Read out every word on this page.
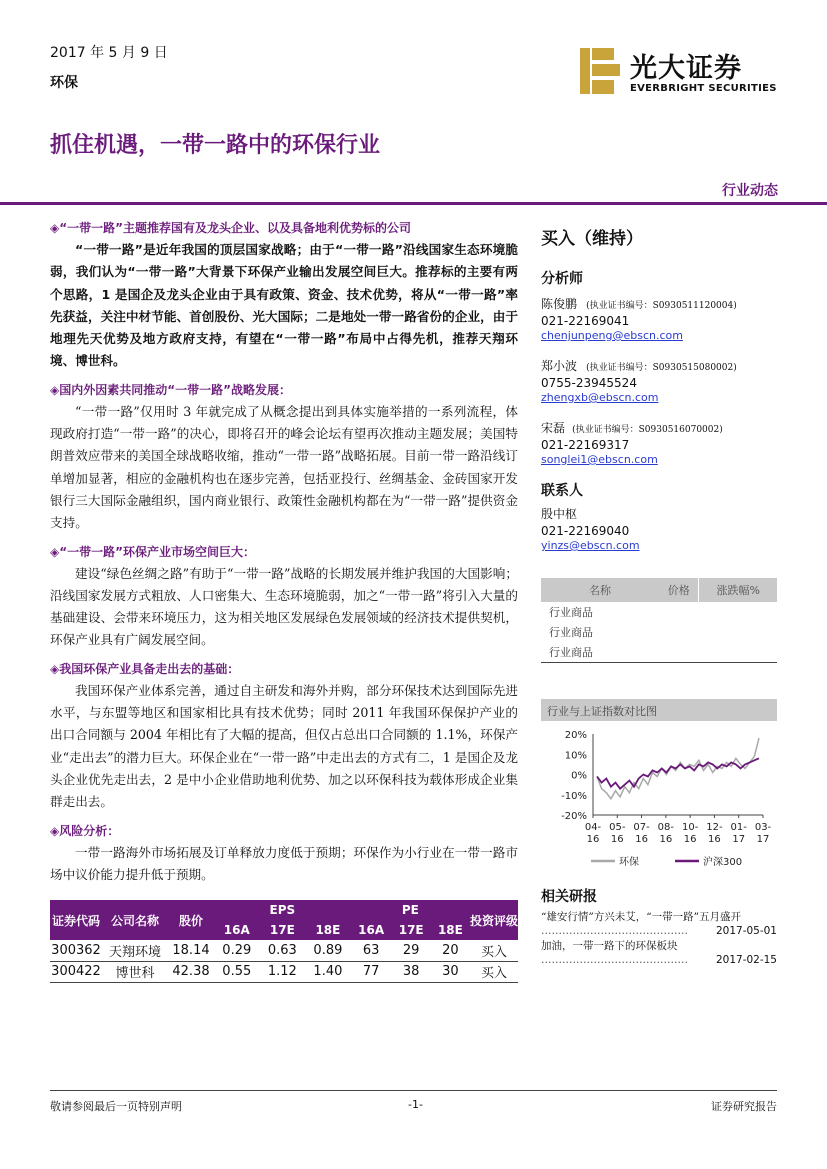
2017 年 5 月 9 日
环保	光大证券
EVERBRIGHT SECURITIES
抓住机遇，一带一路中的环保行业
行业动态
◈“一带一路”主题推荐国有及龙头企业、以及具备地利优势标的公司
“一带一路”是近年我国的顶层国家战略；由于“一带一路”沿线国家生态环境脆弱，我们认为“一带一路”大背景下环保产业输出发展空间巨大。推荐标的主要有两个思路，1 是国企及龙头企业由于具有政策、资金、技术优势，将从“一带一路”率先获益，关注中材节能、首创股份、光大国际；二是地处一带一路省份的企业，由于地理先天优势及地方政府支持，有望在“一带一路”布局中占得先机，推荐天翔环境、博世科。
◈国内外因素共同推动“一带一路”战略发展：
“一带一路”仅用时 3 年就完成了从概念提出到具体实施举措的一系列流程，体现政府打造“一带一路”的决心，即将召开的峰会论坛有望再次推动主题发展；美国特朗普效应带来的美国全球战略收缩，推动“一带一路”战略拓展。目前一带一路沿线订单增加显著，相应的金融机构也在逐步完善，包括亚投行、丝绸基金、金砖国家开发银行三大国际金融组织，国内商业银行、政策性金融机构都在为“一带一路”提供资金支持。
◈“一带一路”环保产业市场空间巨大：
建设“绿色丝绸之路”有助于“一带一路”战略的长期发展并维护我国的大国影响；沿线国家发展方式粗放、人口密集大、生态环境脆弱，加之“一带一路”将引入大量的基础建设、会带来环境压力，这为相关地区发展绿色发展领域的经济技术提供契机，环保产业具有广阔发展空间。
◈我国环保产业具备走出去的基础：
我国环保产业体系完善，通过自主研发和海外并购，部分环保技术达到国际先进水平，与东盟等地区和国家相比具有技术优势；同时 2011 年我国环保保护产业的出口合同额与 2004 年相比有了大幅的提高，但仅占总出口合同额的 1.1%，环保产业“走出去”的潜力巨大。环保企业在“一带一路”中走出去的方式有二，1 是国企及龙头企业优先走出去，2 是中小企业借助地利优势、加之以环保科技为载体形成企业集群走出去。
◈风险分析：
一带一路海外市场拓展及订单释放力度低于预期；环保作为小行业在一带一路市场中议价能力提升低于预期。
证券代码	公司名称	股价	EPS			PE			投资评级
			16A	17E	18E	16A	17E	18E	
300362	天翔环境	18.14	0.29	0.63	0.89	63	29	20	买入
300422	博世科	42.38	0.55	1.12	1.40	77	38	30	买入
买入（维持）
分析师
陈俊鹏 (执业证书编号：S0930511120004)
021-22169041
chenjunpeng@ebscn.com
郑小波 (执业证书编号：S0930515080002)
0755-23945524
zhengxb@ebscn.com
宋磊 (执业证书编号：S0930516070002)
021-22169317
songlei1@ebscn.com
联系人
殷中枢
021-22169040
yinzs@ebscn.com
名称	价格	涨跌幅%
行业商品		
行业商品		
行业商品		
行业与上证指数对比图
20%
10%
0%
-10%
-20%
04-
16
05-
16
07-
16
08-
16
10-
16
12-
16
01-
17
03-
17
环保	沪深300
相关研报
“雄安行情”方兴未艾，“一带一路”五月盛开
……………………………………	2017-05-01
加油，一带一路下的环保板块
……………………………………	2017-02-15
敬请参阅最后一页特别声明	-1-	证券研究报告
